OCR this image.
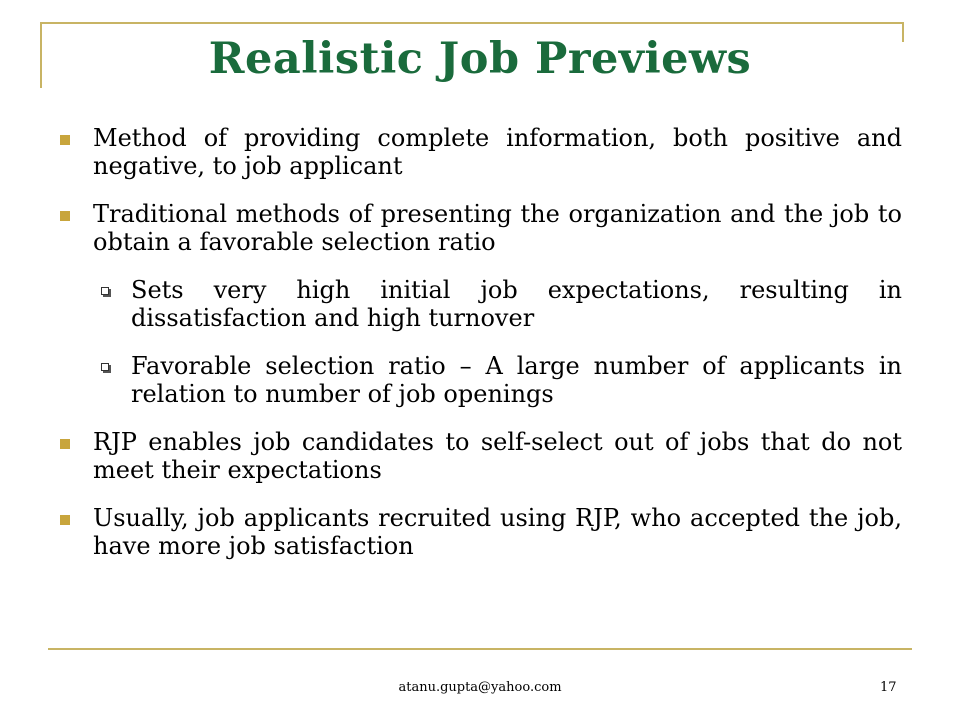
Realistic Job Previews
Method of providing complete information, both positive and negative, to job applicant
Traditional methods of presenting the organization and the job to obtain a favorable selection ratio
Sets very high initial job expectations, resulting in dissatisfaction and high turnover
Favorable selection ratio – A large number of applicants in relation to number of job openings
RJP enables job candidates to self-select out of jobs that do not meet their expectations
Usually, job applicants recruited using RJP, who accepted the job, have more job satisfaction
atanu.gupta@yahoo.com	17
